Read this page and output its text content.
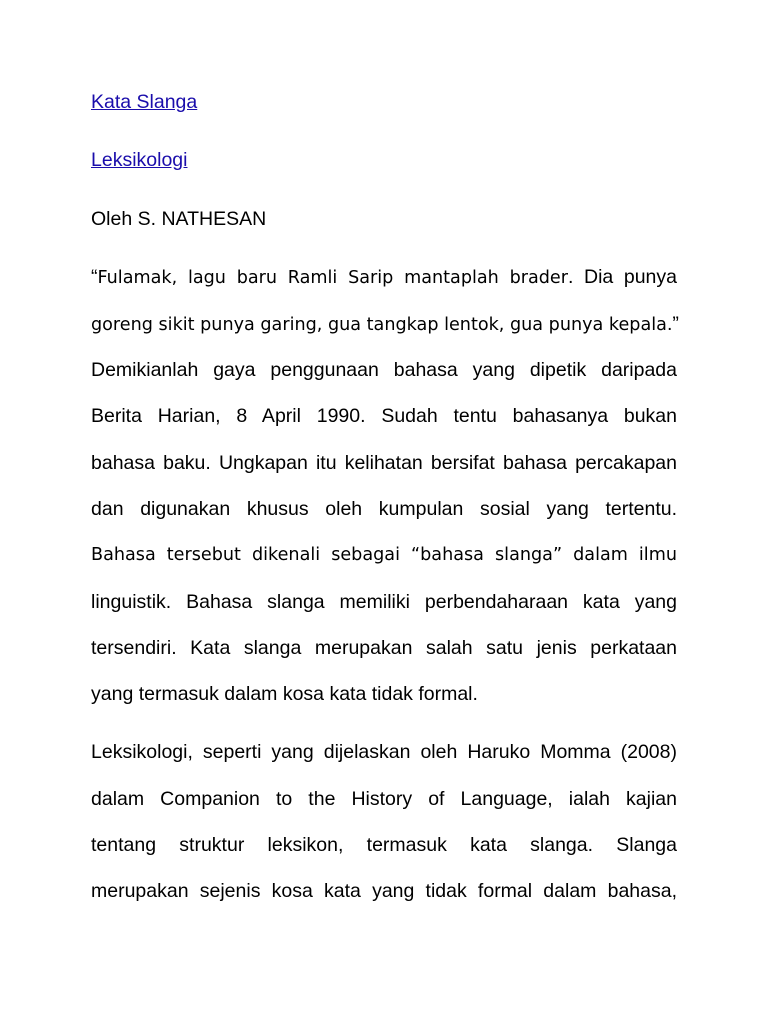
Kata Slanga
Leksikologi
Oleh S. NATHESAN
“Fulamak, lagu baru Ramli Sarip mantaplah brader. Dia punya
goreng sikit punya garing, gua tangkap lentok, gua punya kepala.”
Demikianlah gaya penggunaan bahasa yang dipetik daripada
Berita Harian, 8 April 1990. Sudah tentu bahasanya bukan
bahasa baku. Ungkapan itu kelihatan bersifat bahasa percakapan
dan digunakan khusus oleh kumpulan sosial yang tertentu.
Bahasa tersebut dikenali sebagai “bahasa slanga” dalam ilmu
linguistik. Bahasa slanga memiliki perbendaharaan kata yang
tersendiri. Kata slanga merupakan salah satu jenis perkataan
yang termasuk dalam kosa kata tidak formal.
Leksikologi, seperti yang dijelaskan oleh Haruko Momma (2008)
dalam Companion to the History of Language, ialah kajian
tentang struktur leksikon, termasuk kata slanga. Slanga
merupakan sejenis kosa kata yang tidak formal dalam bahasa,
